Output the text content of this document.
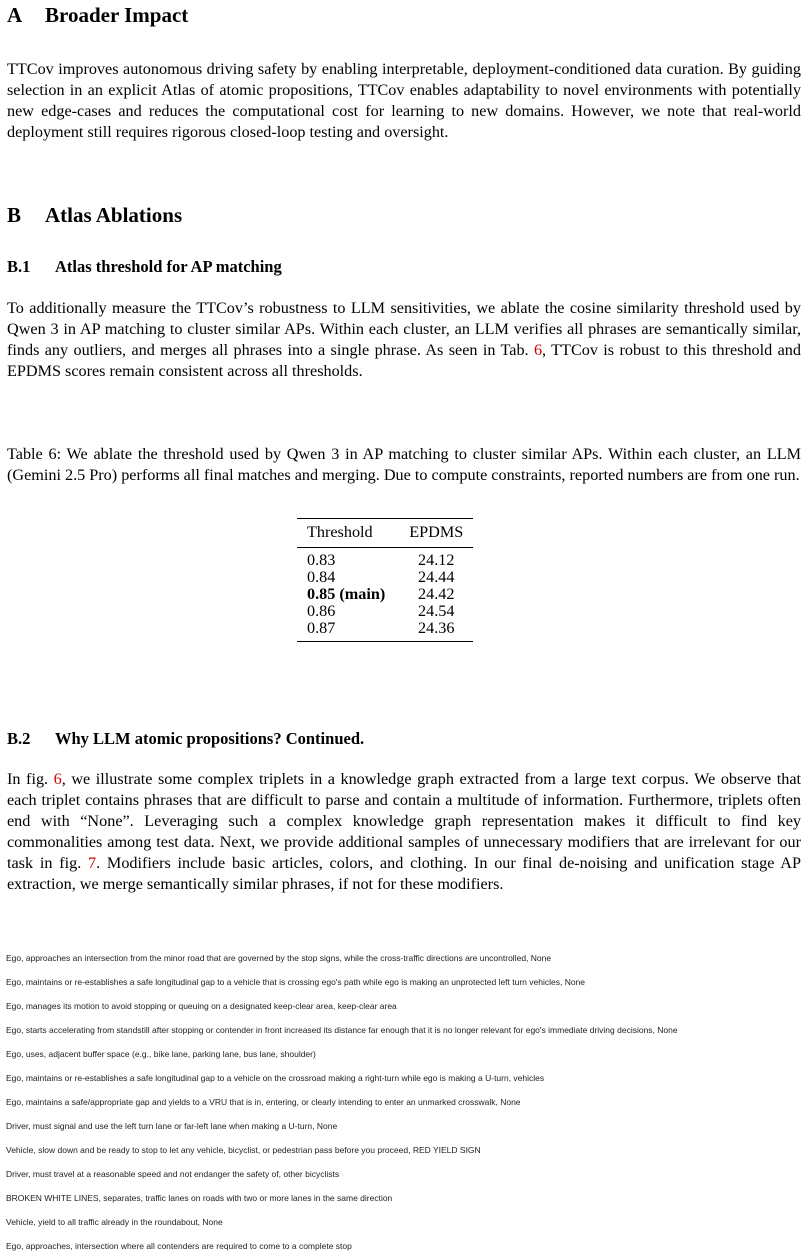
A Broader Impact

TTCov improves autonomous driving safety by enabling interpretable, deployment-conditioned data curation. By guiding selection in an explicit Atlas of atomic propositions, TTCov enables adaptability to novel environments with potentially new edge-cases and reduces the computational cost for learning to new domains. However, we note that real-world deployment still requires rigorous closed-loop testing and oversight.

B Atlas Ablations
B.1 Atlas threshold for AP matching

To additionally measure the TTCov’s robustness to LLM sensitivities, we ablate the cosine similarity threshold used by Qwen 3 in AP matching to cluster similar APs. Within each cluster, an LLM verifies all phrases are semantically similar, finds any outliers, and merges all phrases into a single phrase. As seen in Tab. 6, TTCov is robust to this threshold and EPDMS scores remain consistent across all thresholds.

Table 6: We ablate the threshold used by Qwen 3 in AP matching to cluster similar APs. Within each cluster, an LLM (Gemini 2.5 Pro) performs all final matches and merging. Due to compute constraints, reported numbers are from one run.

Threshold	EPDMS
0.83	24.12
0.84	24.44
0.85 (main)	24.42
0.86	24.54
0.87	24.36
B.2 Why LLM atomic propositions? Continued.

In fig. 6, we illustrate some complex triplets in a knowledge graph extracted from a large text corpus. We observe that each triplet contains phrases that are difficult to parse and contain a multitude of information. Furthermore, triplets often end with “None”. Leveraging such a complex knowledge graph representation makes it difficult to find key commonalities among test data. Next, we provide additional samples of unnecessary modifiers that are irrelevant for our task in fig. 7. Modifiers include basic articles, colors, and clothing. In our final de-noising and unification stage AP extraction, we merge semantically similar phrases, if not for these modifiers.

Ego, approaches an intersection from the minor road that are governed by the stop signs, while the cross-traffic directions are uncontrolled, None

Ego, maintains or re-establishes a safe longitudinal gap to a vehicle that is crossing ego's path while ego is making an unprotected left turn vehicles, None

Ego, manages its motion to avoid stopping or queuing on a designated keep-clear area, keep-clear area

Ego, starts accelerating from standstill after stopping or contender in front increased its distance far enough that it is no longer relevant for ego's immediate driving decisions, None

Ego, uses, adjacent buffer space (e.g., bike lane, parking lane, bus lane, shoulder)

Ego, maintains or re-establishes a safe longitudinal gap to a vehicle on the crossroad making a right-turn while ego is making a U-turn, vehicles

Ego, maintains a safe/appropriate gap and yields to a VRU that is in, entering, or clearly intending to enter an unmarked crosswalk, None

Driver, must signal and use the left turn lane or far-left lane when making a U-turn, None

Vehicle, slow down and be ready to stop to let any vehicle, bicyclist, or pedestrian pass before you proceed, RED YIELD SIGN

Driver, must travel at a reasonable speed and not endanger the safety of, other bicyclists

BROKEN WHITE LINES, separates, traffic lanes on roads with two or more lanes in the same direction

Vehicle, yield to all traffic already in the roundabout, None

Ego, approaches, intersection where all contenders are required to come to a complete stop
